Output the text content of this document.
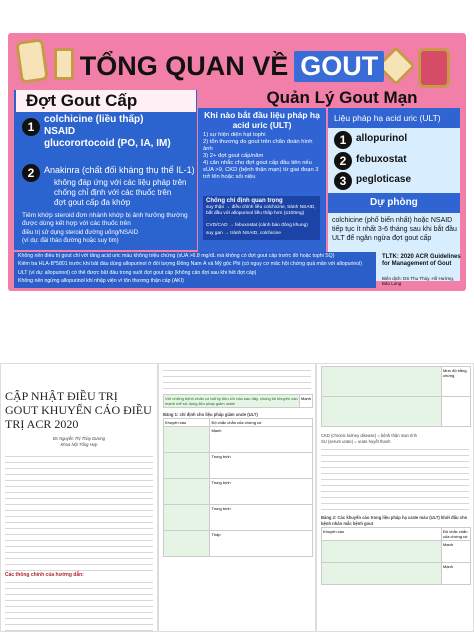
TỔNG QUAN VỀ GOUT
Đợt Gout Cấp
1
colchicine (liều thấp)
NSAID
glucorortocoid (PO, IA, IM)
2	Anakinra (chất đối kháng thụ thể IL-1)
không đáp ứng với các liệu pháp trên
chống chỉ định với các thuốc trên
đợt gout cấp đa khớp
Tiêm khớp steroid đơn nhánh khớp bị ảnh hưởng thường được dùng kết hợp với các thuốc trên
điều trị sử dụng steroid đường uống/NSAID
(ví dụ: đái tháo đường hoặc suy tim)
Khi nào bắt đầu liệu pháp hạ acid uric (ULT)
1) sự hiện diện hạt tophi
2) tổn thương do gout trên chẩn đoán hình ảnh
3) 2+ đợt gout cấp/năm
4) cân nhắc cho đợt gout cấp đầu tiên nếu sUA >9, CKD (bệnh thận mạn) từ giai đoạn 3 trở lên hoặc sỏi niệu
Chống chỉ định quan trọng
suy thận → điều chỉnh liều colchicine, tránh NSAID, bắt đầu với allopurinol liều thấp hơn (≤100mg)
CVD/CAD → febuxostat (cảnh báo đóng khung)
suy gan → tránh NSAID, colchicine
Quản Lý Gout Mạn
Liệu pháp hạ acid uric (ULT)
1 allopurinol
2 febuxostat
3 pegloticase
Dự phòng
colchicine (phổ biến nhất) hoặc NSAID
tiếp tục ít nhất 3-6 tháng sau khi bắt đầu ULT để ngăn ngừa đợt gout cấp
Không nên điều trị gout chỉ với tăng acid uric máu không triệu chứng (sUA >6.8 mg/dL mà không có đợt gout cấp trước đó hoặc tophi SQ)
Kiểm tra HLA-B*5801 trước khi bắt đầu dùng allopurinol ở đối tượng Đông Nam Á và Mỹ gốc Phi (có nguy cơ mắc hội chứng quá mẫn với allopurinol)
ULT (ví dụ: allopurinol) có thể được bắt đầu trong suốt đợt gout cấp (không cần đợi sau khi hết đợt cấp)
Không nên ngừng allopurinol khi nhập viện vì tổn thương thận cấp (AKI)
TLTK: 2020 ACR Guidelines for Management of Gout
Biên dịch: DS Thu Thủy, Hồ Hường, Bảo Long
CẬP NHẬT ĐIỀU TRỊ GOUT KHUYẾN CÁO ĐIỀU TRỊ ACR 2020

Bs Nguyễn Thị Thùy Dương

Khoa Nội Tổng Hợp

Các thông chính của hướng dẫn:

Với những bệnh nhân có bất kỳ tiêu chí nào sau đây, chúng tôi khuyến cáo mạnh mẽ sử dụng liệu pháp giảm urate	Mạnh

Bảng 1: chỉ định cho liệu pháp giảm urate (ULT)

Khuyến cáo	Độ chắc chắn của chứng cứ
	Mạnh
	Trung bình
	Trung bình
	Trung bình
	Thấp
	Mức độ bằng chứng

CKD (chronic kidney disease) = bệnh thận mạn tính

SU (serum urate) = urate huyết thanh

Bảng 2: Các khuyến cáo trong liệu pháp hạ urate máu (ULT) khởi đầu cho bệnh nhân mắc bệnh gout

Khuyến cáo	Độ chắc chắn của chứng cứ
	Mạnh
	Mạnh
